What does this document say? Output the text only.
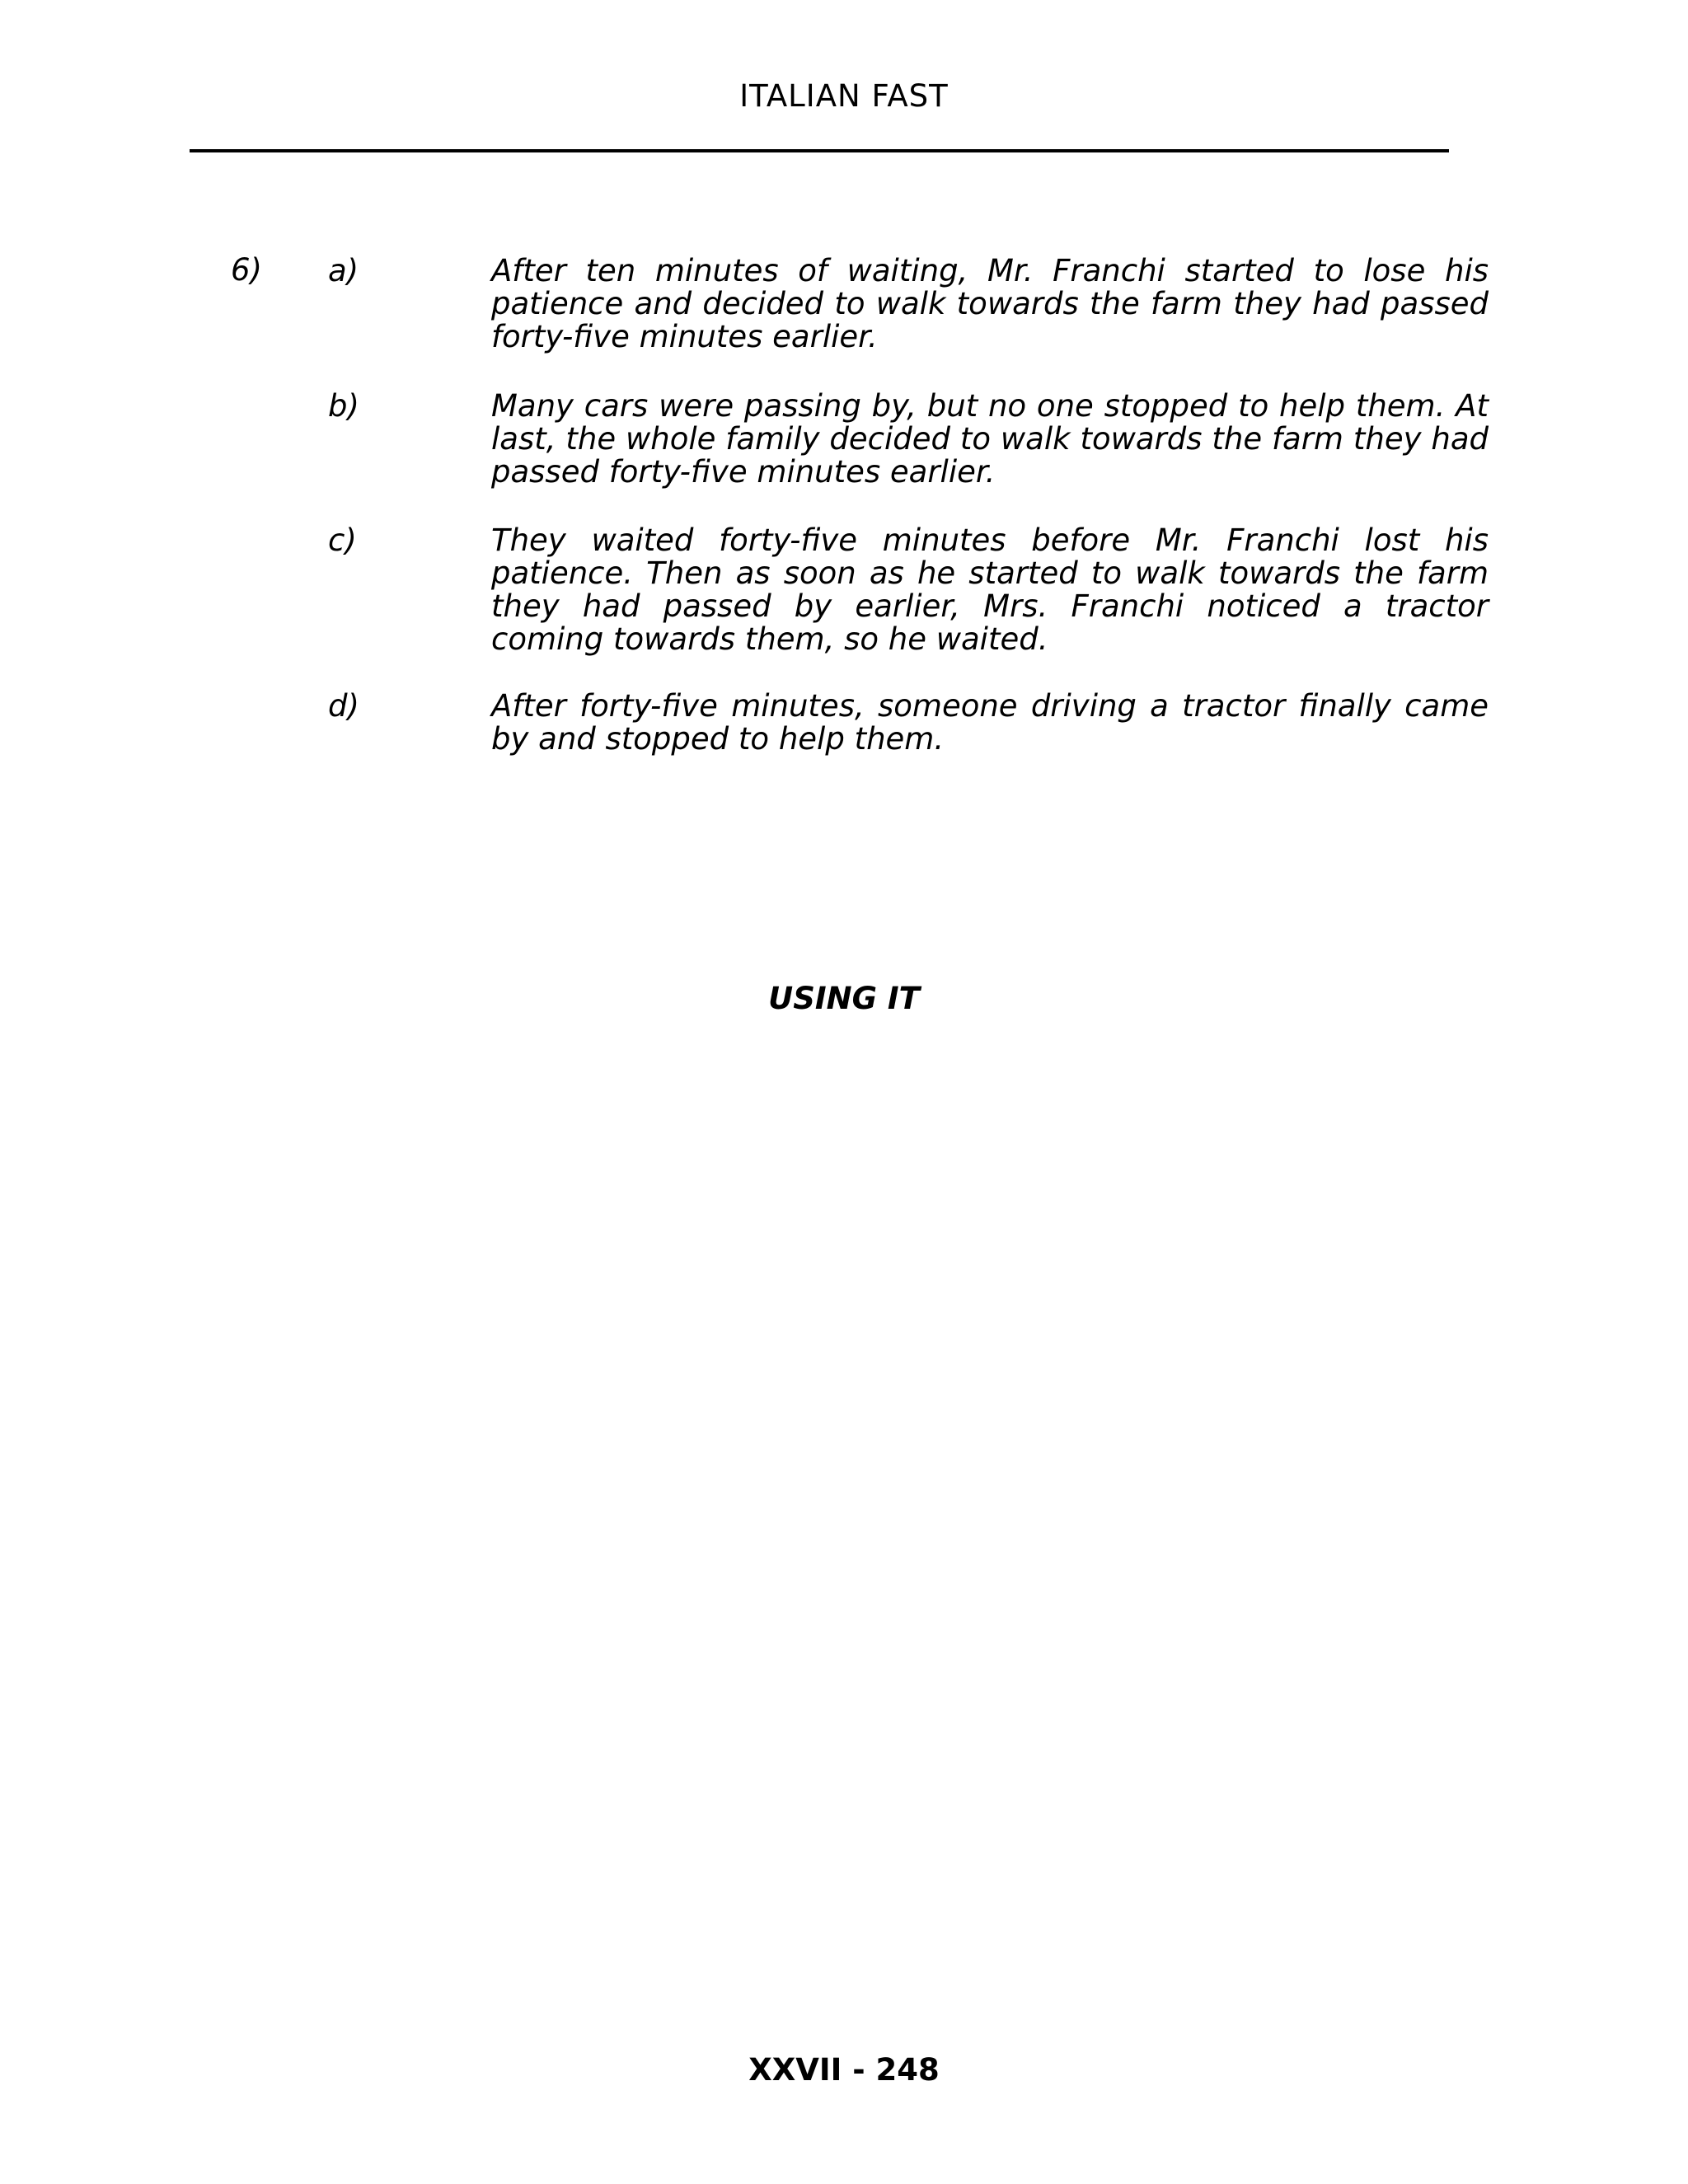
ITALIAN FAST
6) a)	After ten minutes of waiting, Mr. Franchi started to lose his patience and decided to walk towards the farm they had passed forty-five minutes earlier.

b)	Many cars were passing by, but no one stopped to help them. At last, the whole family decided to walk towards the farm they had passed forty-five minutes earlier.

c)	They waited forty-five minutes before Mr. Franchi lost his patience. Then as soon as he started to walk towards the farm they had passed by earlier, Mrs. Franchi noticed a tractor coming towards them, so he waited.

d)	After forty-five minutes, someone driving a tractor finally came by and stopped to help them.

USING IT
XXVII - 248
